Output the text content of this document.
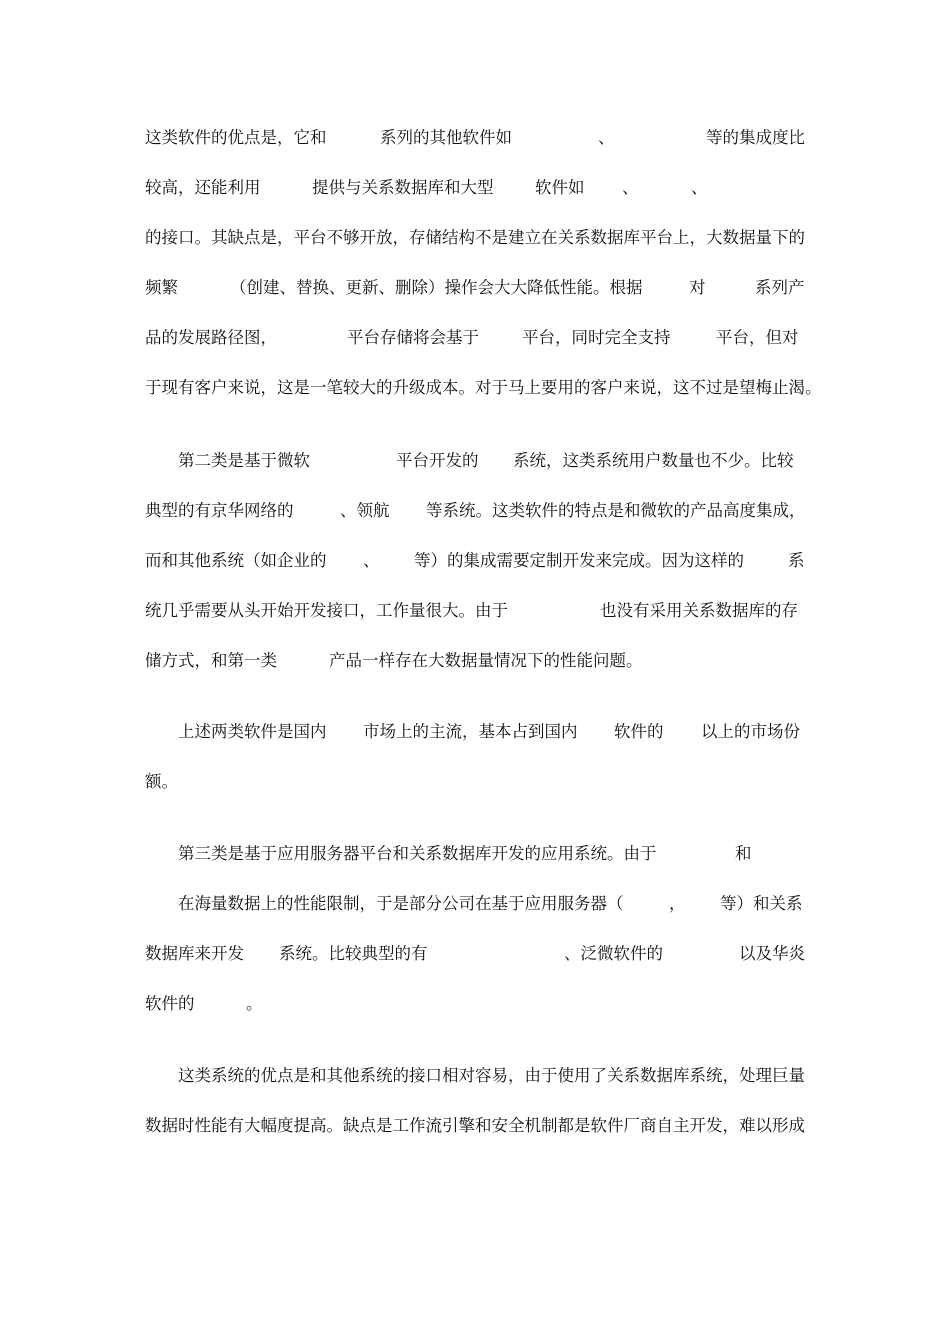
这类软件的优点是，它和

	系列的其他软件如

	、

	等的集成度比

较高，还能利用

	提供与关系数据库和大型

	软件如

、

	、

的接口。其缺点是，平台不够开放，存储结构不是建立在关系数据库平台上，大数据量下的

频繁

	（创建、替换、更新、删除）操作会大大降低性能。根据

	对

	系列产

品的发展路径图，

	平台存储将会基于

	平台，同时完全支持

	平台，但对

于现有客户来说，这是一笔较大的升级成本。对于马上要用的客户来说，这不过是望梅止渴。

第二类是基于微软

	平台开发的

系统，这类系统用户数量也不少。比较

典型的有京华网络的

	、领航

等系统。这类软件的特点是和微软的产品高度集成，

而和其他系统（如企业的

、

等）的集成需要定制开发来完成。因为这样的

	系

统几乎需要从头开始开发接口，工作量很大。由于

	也没有采用关系数据库的存

储方式，和第一类

	产品一样存在大数据量情况下的性能问题。

上述两类软件是国内

市场上的主流，基本占到国内

软件的

以上的市场份

额。

第三类是基于应用服务器平台和关系数据库开发的应用系统。由于

	和

在海量数据上的性能限制，于是部分公司在基于应用服务器（

	，

等）和关系

数据库来开发

系统。比较典型的有

	、泛微软件的

	以及华炎

软件的

	。

这类系统的优点是和其他系统的接口相对容易，由于使用了关系数据库系统，处理巨量

数据时性能有大幅度提高。缺点是工作流引擎和安全机制都是软件厂商自主开发，难以形成
